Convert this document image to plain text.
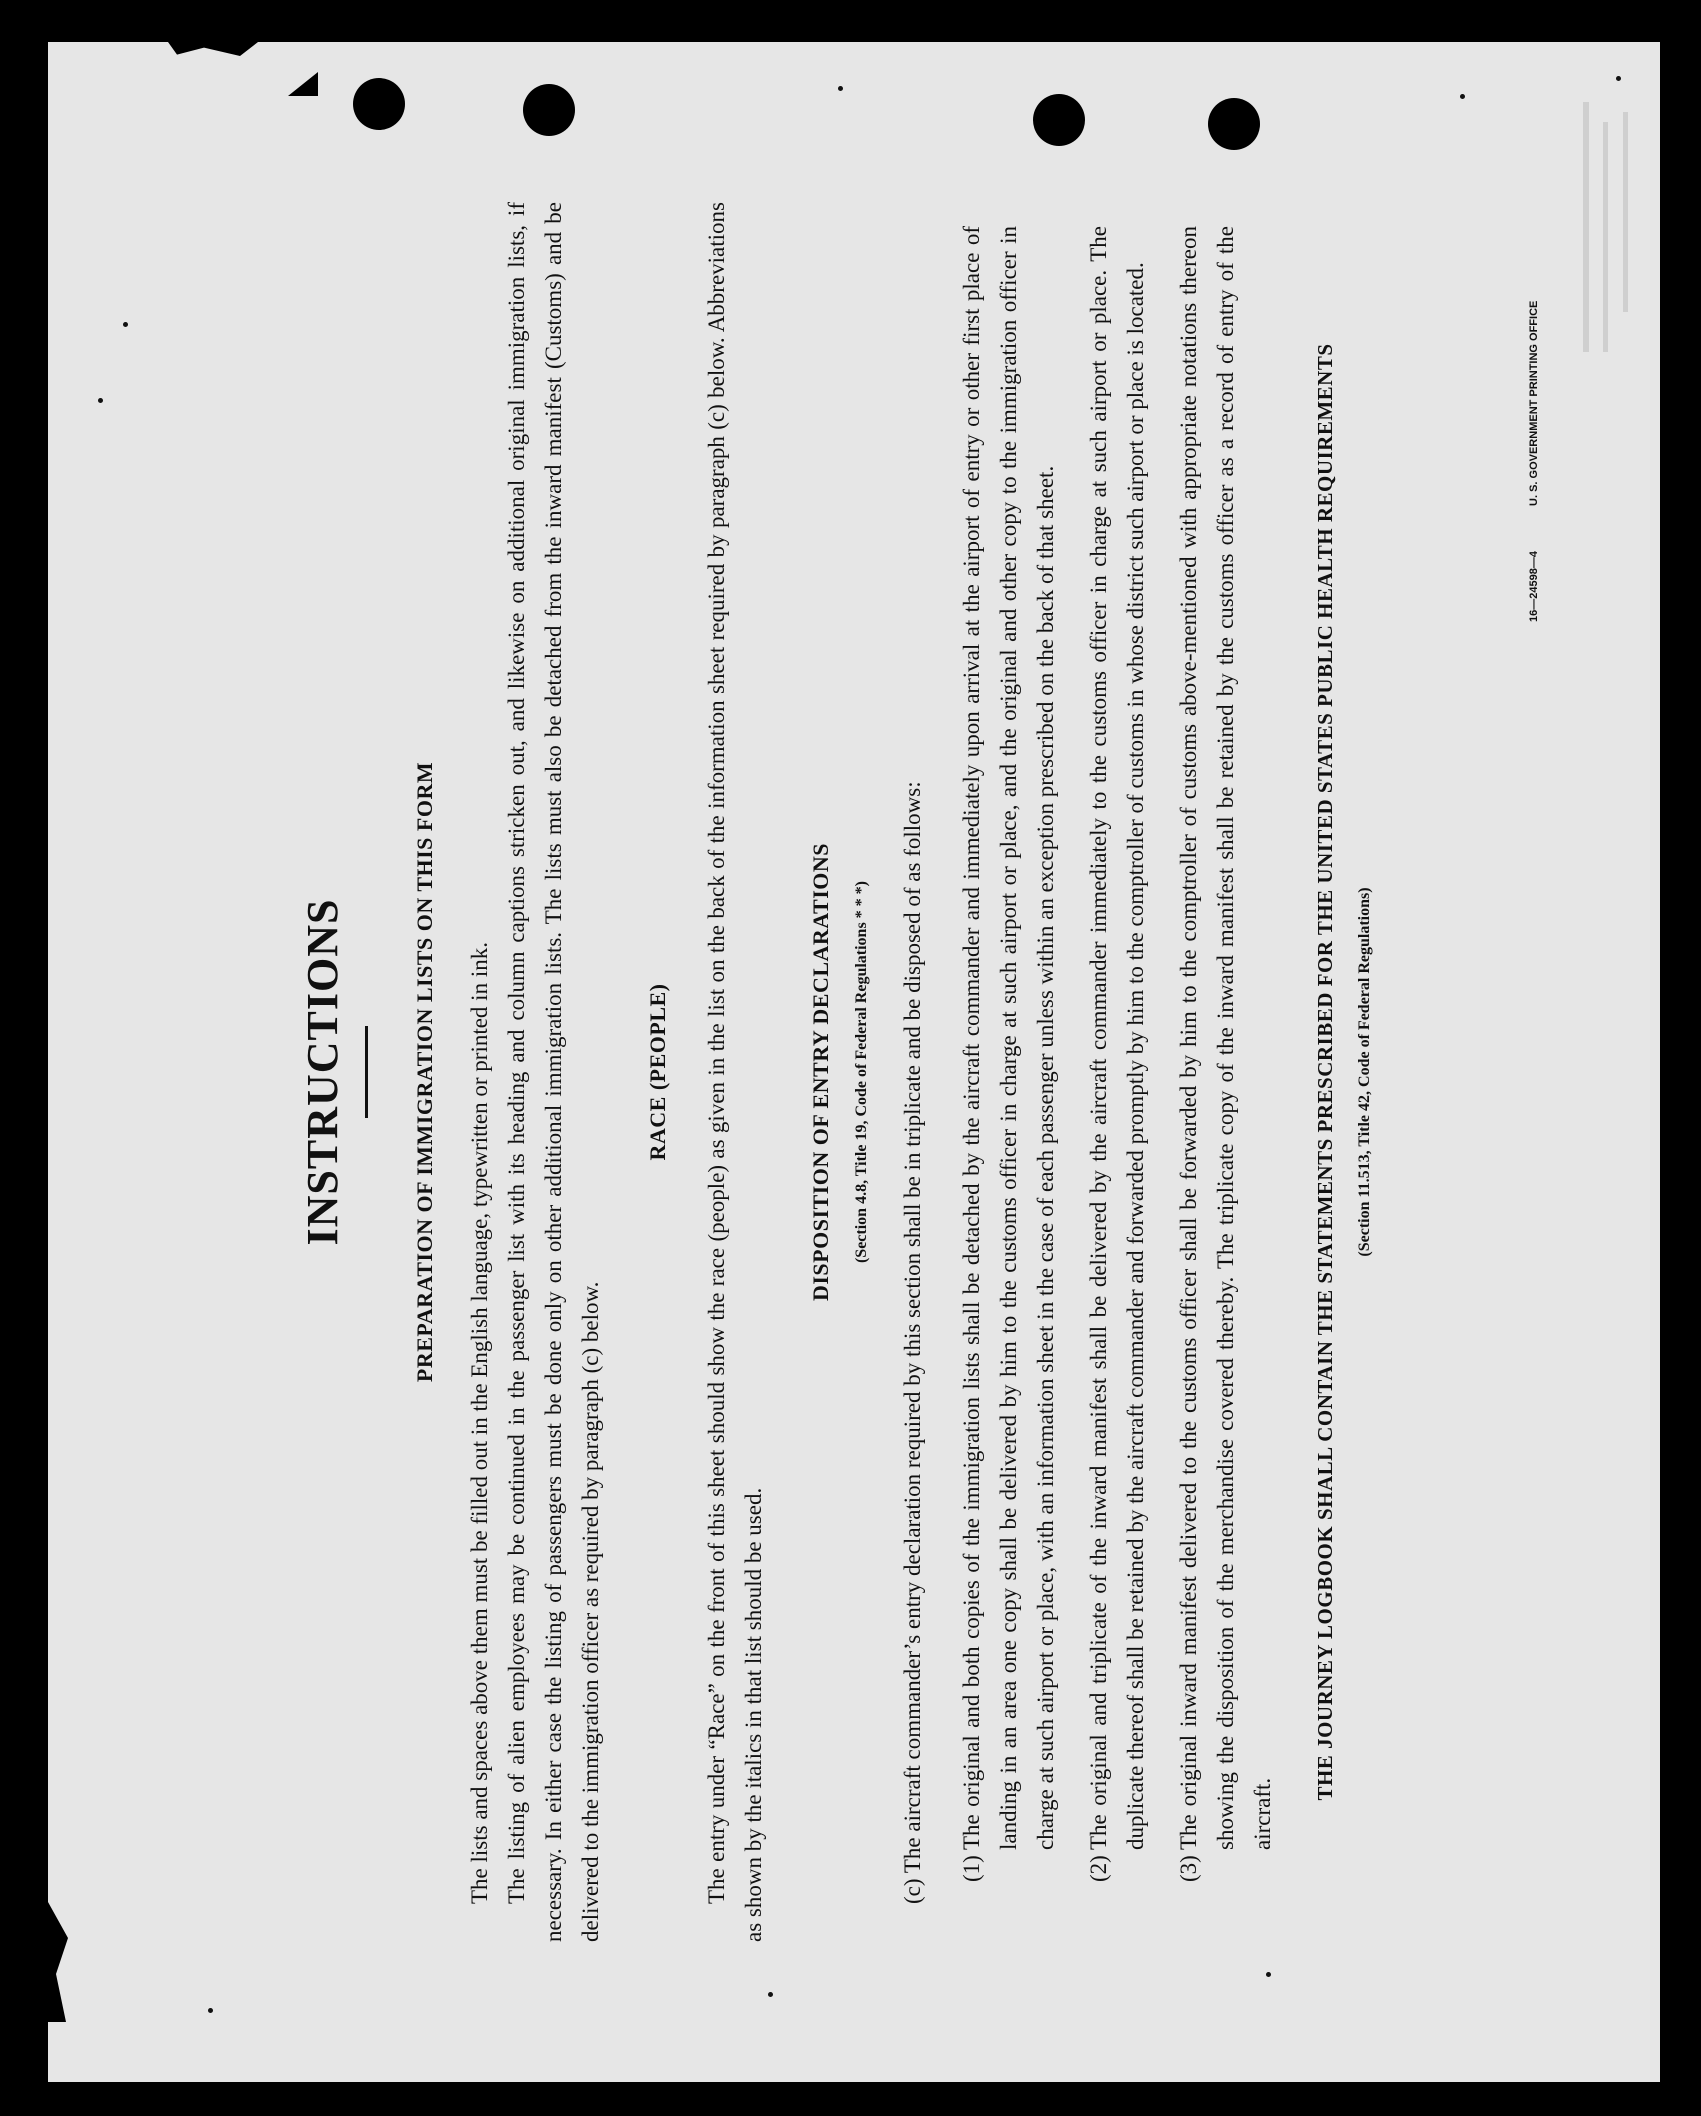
INSTRUCTIONS	PREPARATION OF IMMIGRATION LISTS ON THIS FORM The lists and spaces above them must be filled out in the English language, typewritten or printed in ink. The listing of alien employees may be continued in the passenger list with its heading and column captions stricken out, and likewise on additional original immigration lists, if necessary. In either case the listing of passengers must be done only on other additional immigration lists. The lists must also be detached from the inward manifest (Customs) and be delivered to the immigration officer as required by paragraph (c) below.

RACE (PEOPLE) The entry under “Race” on the front of this sheet should show the race (people) as given in the list on the back of the information sheet required by paragraph (c) below. Abbreviations as shown by the italics in that list should be used.

DISPOSITION OF ENTRY DECLARATIONS	(Section 4.8, Title 19, Code of Federal Regulations * * *)	(c) The aircraft commander’s entry declaration required by this section shall be in triplicate and be disposed of as follows: (1)
The original and both copies of the immigration lists shall be detached by the aircraft commander and immediately upon arrival at the airport of entry or other first place of landing in an area one copy shall be delivered by him to the customs officer in charge at such airport or place, and the original and other copy to the immigration officer in charge at such airport or place, with an information sheet in the case of each passenger unless within an exception prescribed on the back of that sheet.
(2)
The original and triplicate of the inward manifest shall be delivered by the aircraft commander immediately to the customs officer in charge at such airport or place. The duplicate thereof shall be retained by the aircraft commander and forwarded promptly by him to the comptroller of customs in whose district such airport or place is located.
(3)
The original inward manifest delivered to the customs officer shall be forwarded by him to the comptroller of customs above-mentioned with appropriate notations thereon showing the disposition of the merchandise covered thereby. The triplicate copy of the inward manifest shall be retained by the customs officer as a record of entry of the aircraft.
THE JOURNEY LOGBOOK SHALL CONTAIN THE STATEMENTS PRESCRIBED FOR THE UNITED STATES PUBLIC HEALTH REQUIREMENTS	(Section 11.513, Title 42, Code of Federal Regulations)

16—24598—4 U. S. GOVERNMENT PRINTING OFFICE
